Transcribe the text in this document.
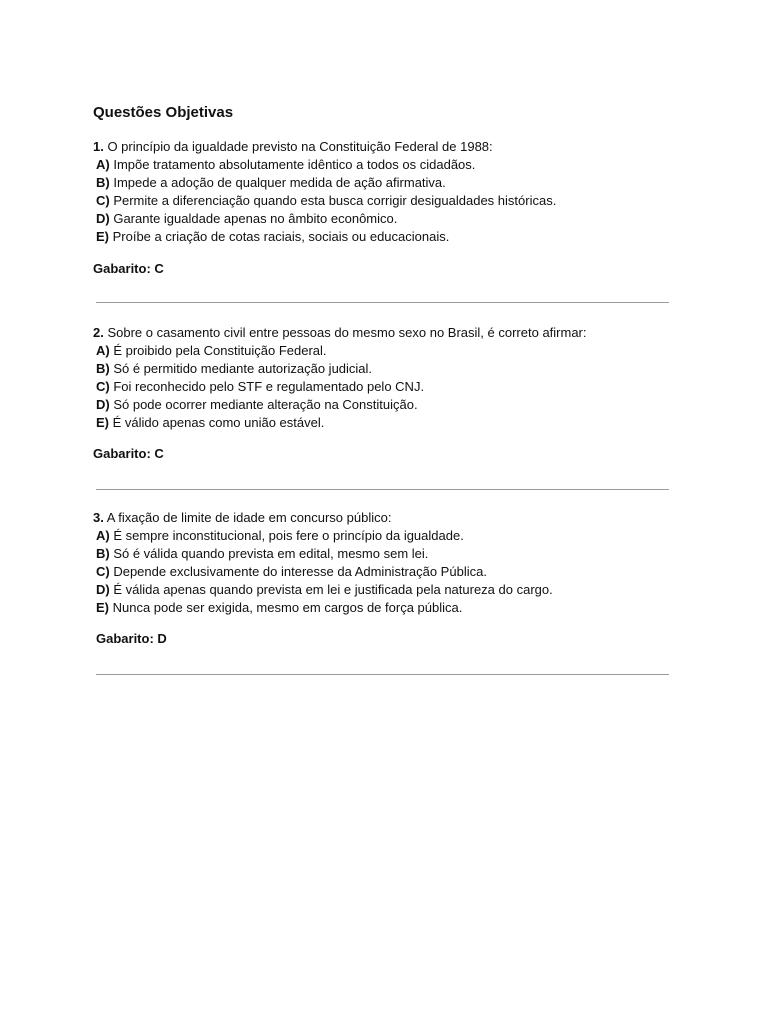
Questões Objetivas
1. O princípio da igualdade previsto na Constituição Federal de 1988:
A) Impõe tratamento absolutamente idêntico a todos os cidadãos.
B) Impede a adoção de qualquer medida de ação afirmativa.
C) Permite a diferenciação quando esta busca corrigir desigualdades históricas.
D) Garante igualdade apenas no âmbito econômico.
E) Proíbe a criação de cotas raciais, sociais ou educacionais.
Gabarito: C
2. Sobre o casamento civil entre pessoas do mesmo sexo no Brasil, é correto afirmar:
A) É proibido pela Constituição Federal.
B) Só é permitido mediante autorização judicial.
C) Foi reconhecido pelo STF e regulamentado pelo CNJ.
D) Só pode ocorrer mediante alteração na Constituição.
E) É válido apenas como união estável.
Gabarito: C
3. A fixação de limite de idade em concurso público:
A) É sempre inconstitucional, pois fere o princípio da igualdade.
B) Só é válida quando prevista em edital, mesmo sem lei.
C) Depende exclusivamente do interesse da Administração Pública.
D) É válida apenas quando prevista em lei e justificada pela natureza do cargo.
E) Nunca pode ser exigida, mesmo em cargos de força pública.
Gabarito: D
